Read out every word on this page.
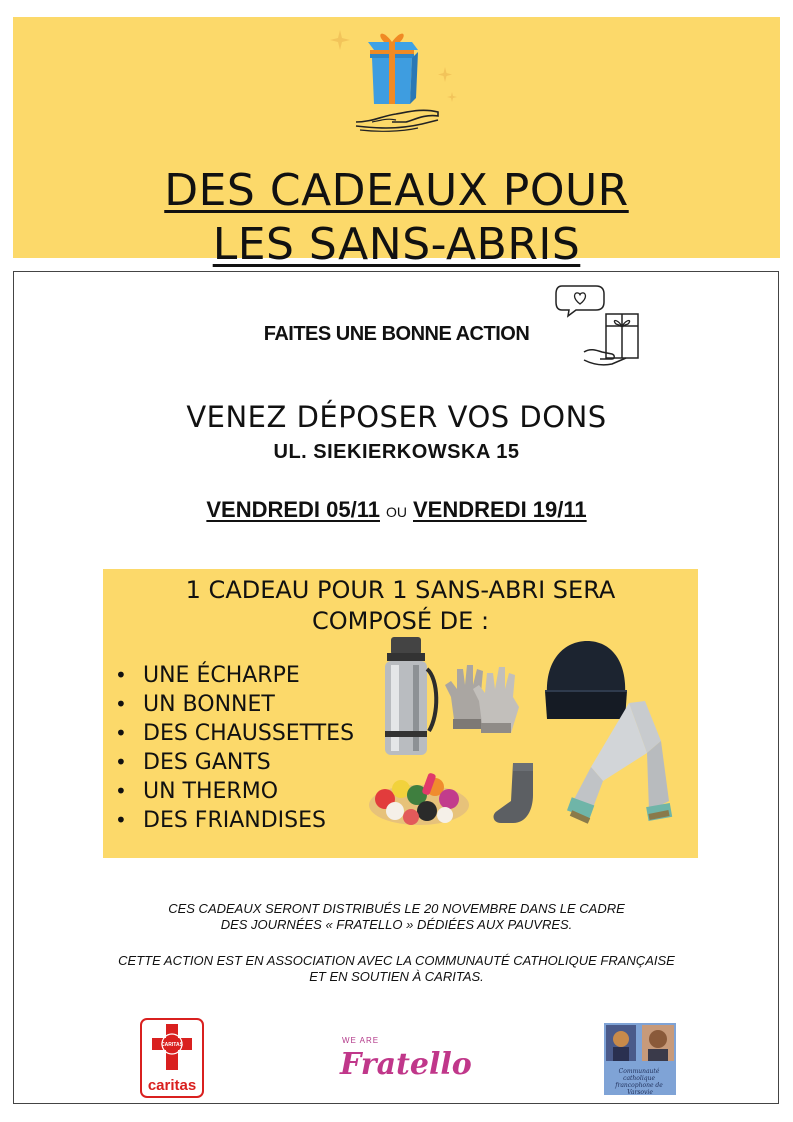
DES CADEAUX POUR
LES SANS-ABRIS
FAITES UNE BONNE ACTION
VENEZ DÉPOSER VOS DONS
UL. SIEKIERKOWSKA 15
VENDREDI 05/11 OU VENDREDI 19/11
1 CADEAU POUR 1 SANS-ABRI SERA
COMPOSÉ DE :
• UNE ÉCHARPE
• UN BONNET
• DES CHAUSSETTES
• DES GANTS
• UN THERMO
• DES FRIANDISES
CES CADEAUX SERONT DISTRIBUÉS LE 20 NOVEMBRE DANS LE CADRE
DES JOURNÉES « FRATELLO » DÉDIÉES AUX PAUVRES.
CETTE ACTION EST EN ASSOCIATION AVEC LA COMMUNAUTÉ CATHOLIQUE FRANÇAISE
ET EN SOUTIEN À CARITAS.
CARITAS
caritas
WE ARE
Fratello	Communauté catholique francophone de Varsovie
